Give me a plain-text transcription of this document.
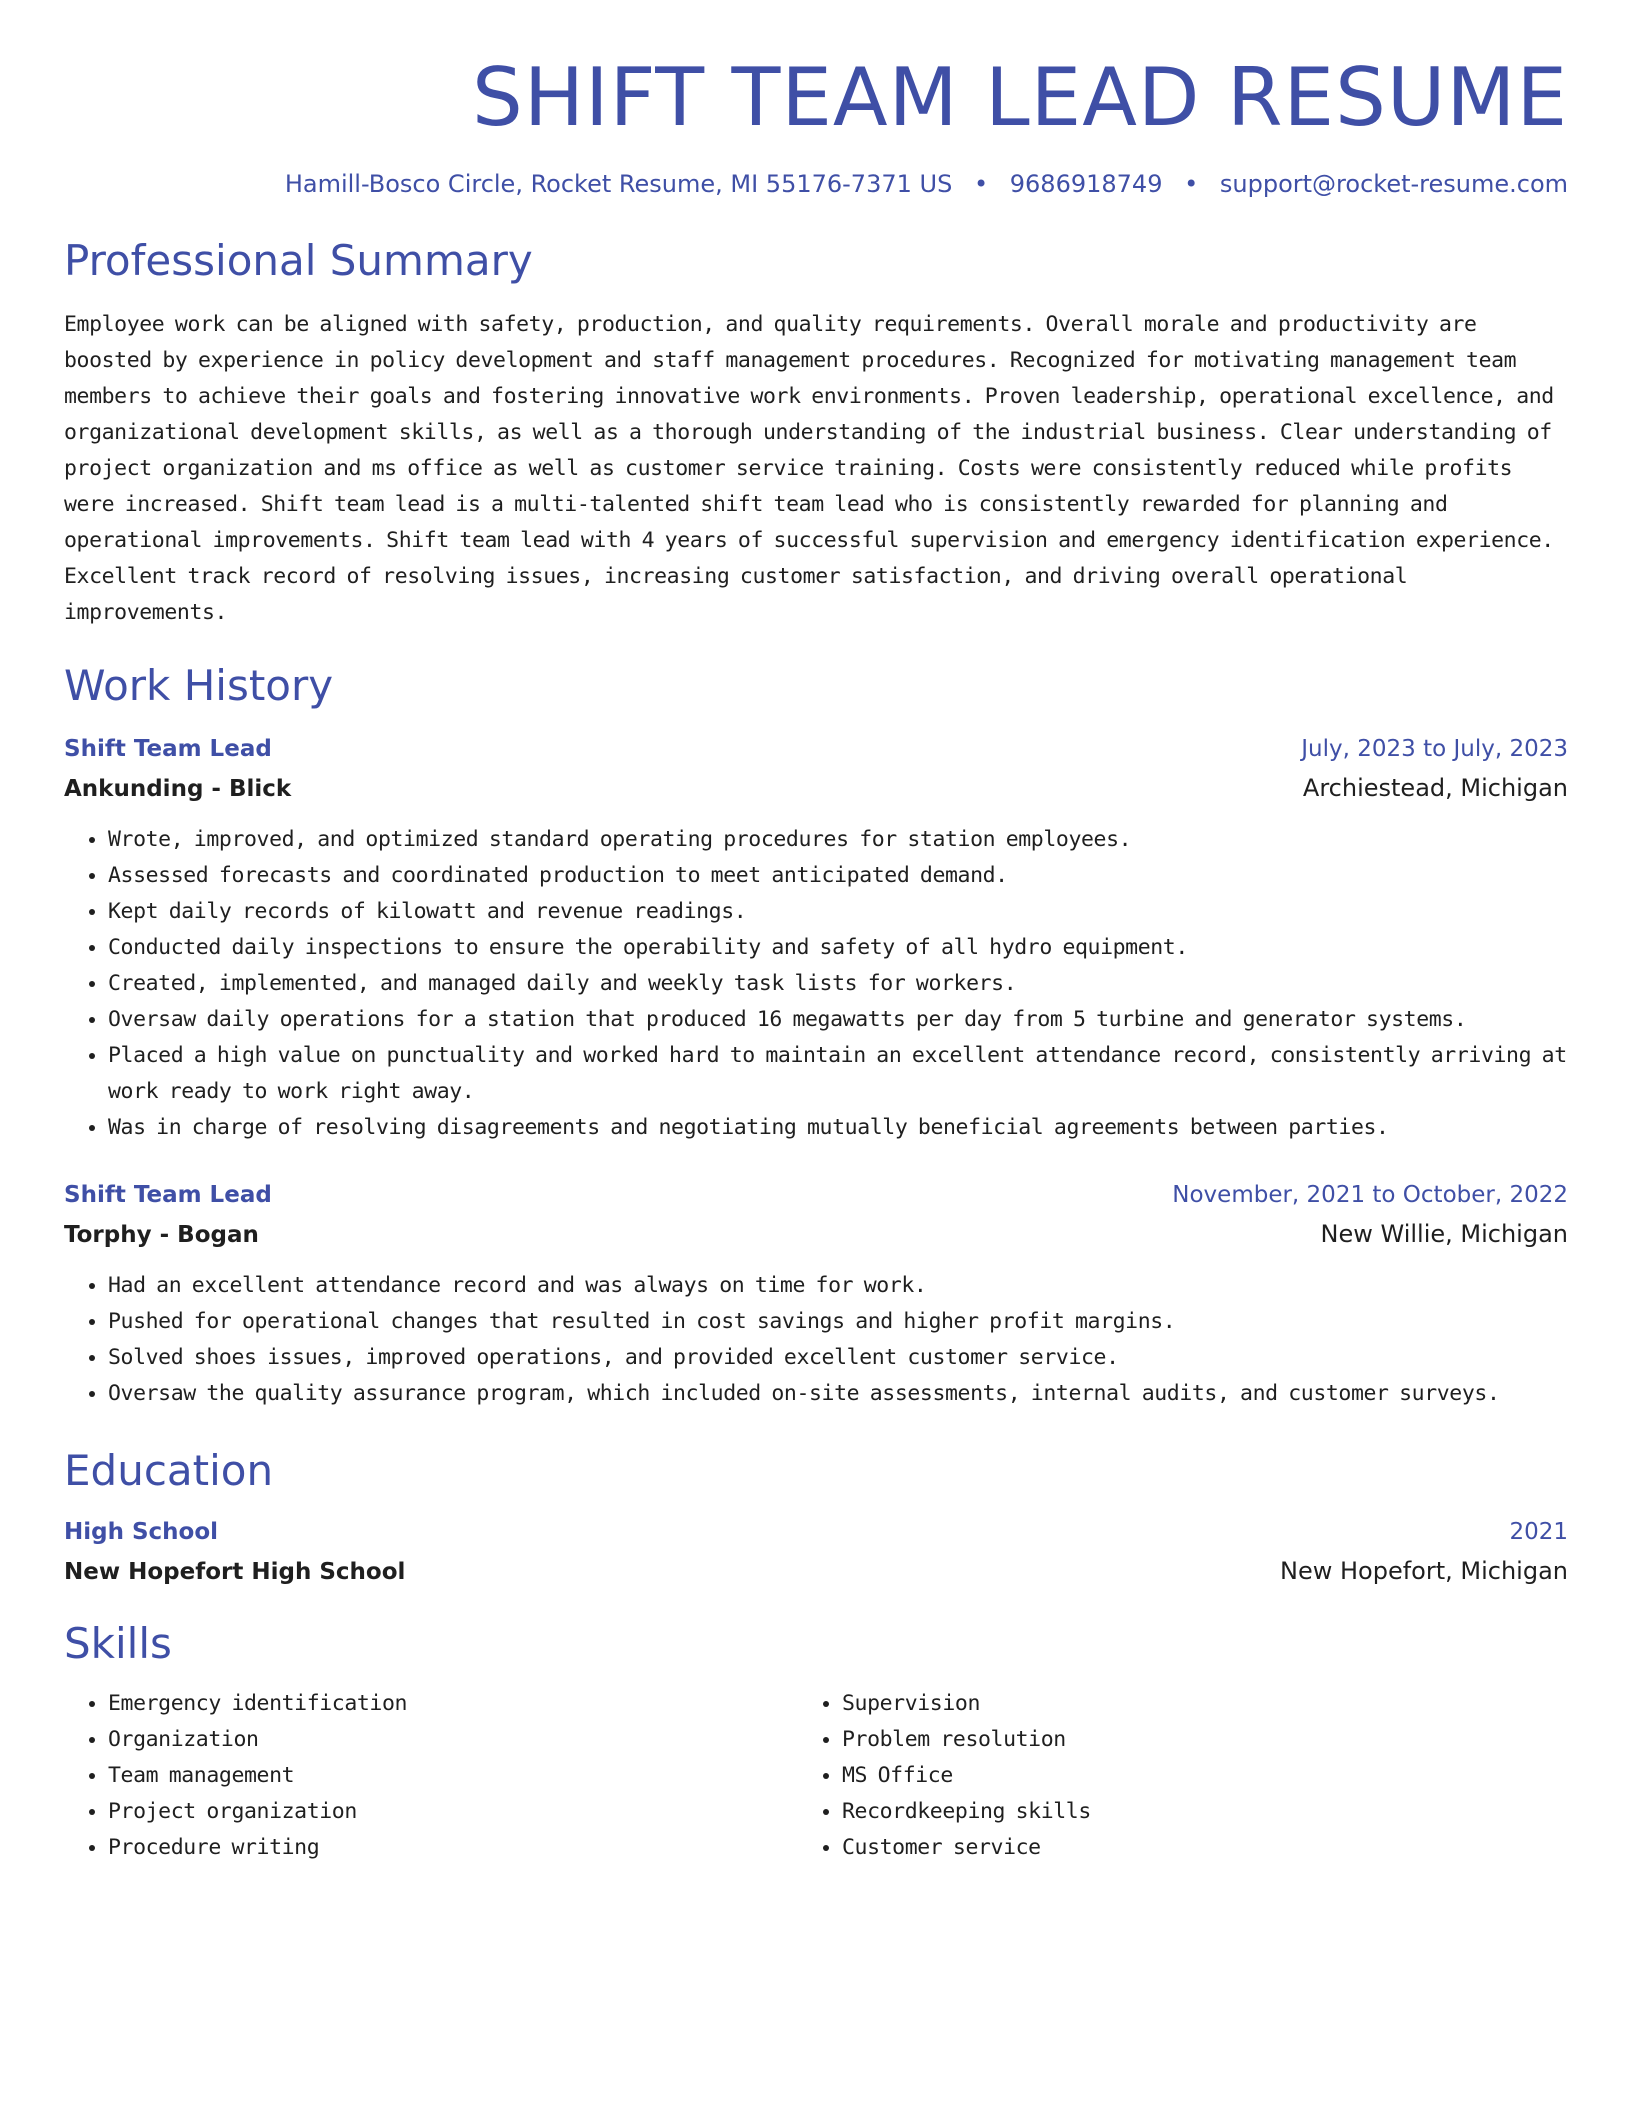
SHIFT TEAM LEAD RESUME
Hamill-Bosco Circle, Rocket Resume, MI 55176-7371 US • 9686918749 • support@rocket-resume.com
Professional Summary
Employee work can be aligned with safety, production, and quality requirements. Overall morale and productivity are boosted by experience in policy development and staff management procedures. Recognized for motivating management team members to achieve their goals and fostering innovative work environments. Proven leadership, operational excellence, and organizational development skills, as well as a thorough understanding of the industrial business. Clear understanding of project organization and ms office as well as customer service training. Costs were consistently reduced while profits were increased. Shift team lead is a multi-talented shift team lead who is consistently rewarded for planning and operational improvements. Shift team lead with 4 years of successful supervision and emergency identification experience. Excellent track record of resolving issues, increasing customer satisfaction, and driving overall operational improvements.
Work History
Shift Team Lead	July, 2023 to July, 2023
Ankunding - Blick	Archiestead, Michigan
• Wrote, improved, and optimized standard operating procedures for station employees.
• Assessed forecasts and coordinated production to meet anticipated demand.
• Kept daily records of kilowatt and revenue readings.
• Conducted daily inspections to ensure the operability and safety of all hydro equipment.
• Created, implemented, and managed daily and weekly task lists for workers.
• Oversaw daily operations for a station that produced 16 megawatts per day from 5 turbine and generator systems.
• Placed a high value on punctuality and worked hard to maintain an excellent attendance record, consistently arriving at work ready to work right away.
• Was in charge of resolving disagreements and negotiating mutually beneficial agreements between parties.
Shift Team Lead	November, 2021 to October, 2022
Torphy - Bogan	New Willie, Michigan
• Had an excellent attendance record and was always on time for work.
• Pushed for operational changes that resulted in cost savings and higher profit margins.
• Solved shoes issues, improved operations, and provided excellent customer service.
• Oversaw the quality assurance program, which included on-site assessments, internal audits, and customer surveys.
Education
High School	2021
New Hopefort High School	New Hopefort, Michigan
Skills
• Emergency identification
• Organization
• Team management
• Project organization
• Procedure writing
• Supervision
• Problem resolution
• MS Office
• Recordkeeping skills
• Customer service
